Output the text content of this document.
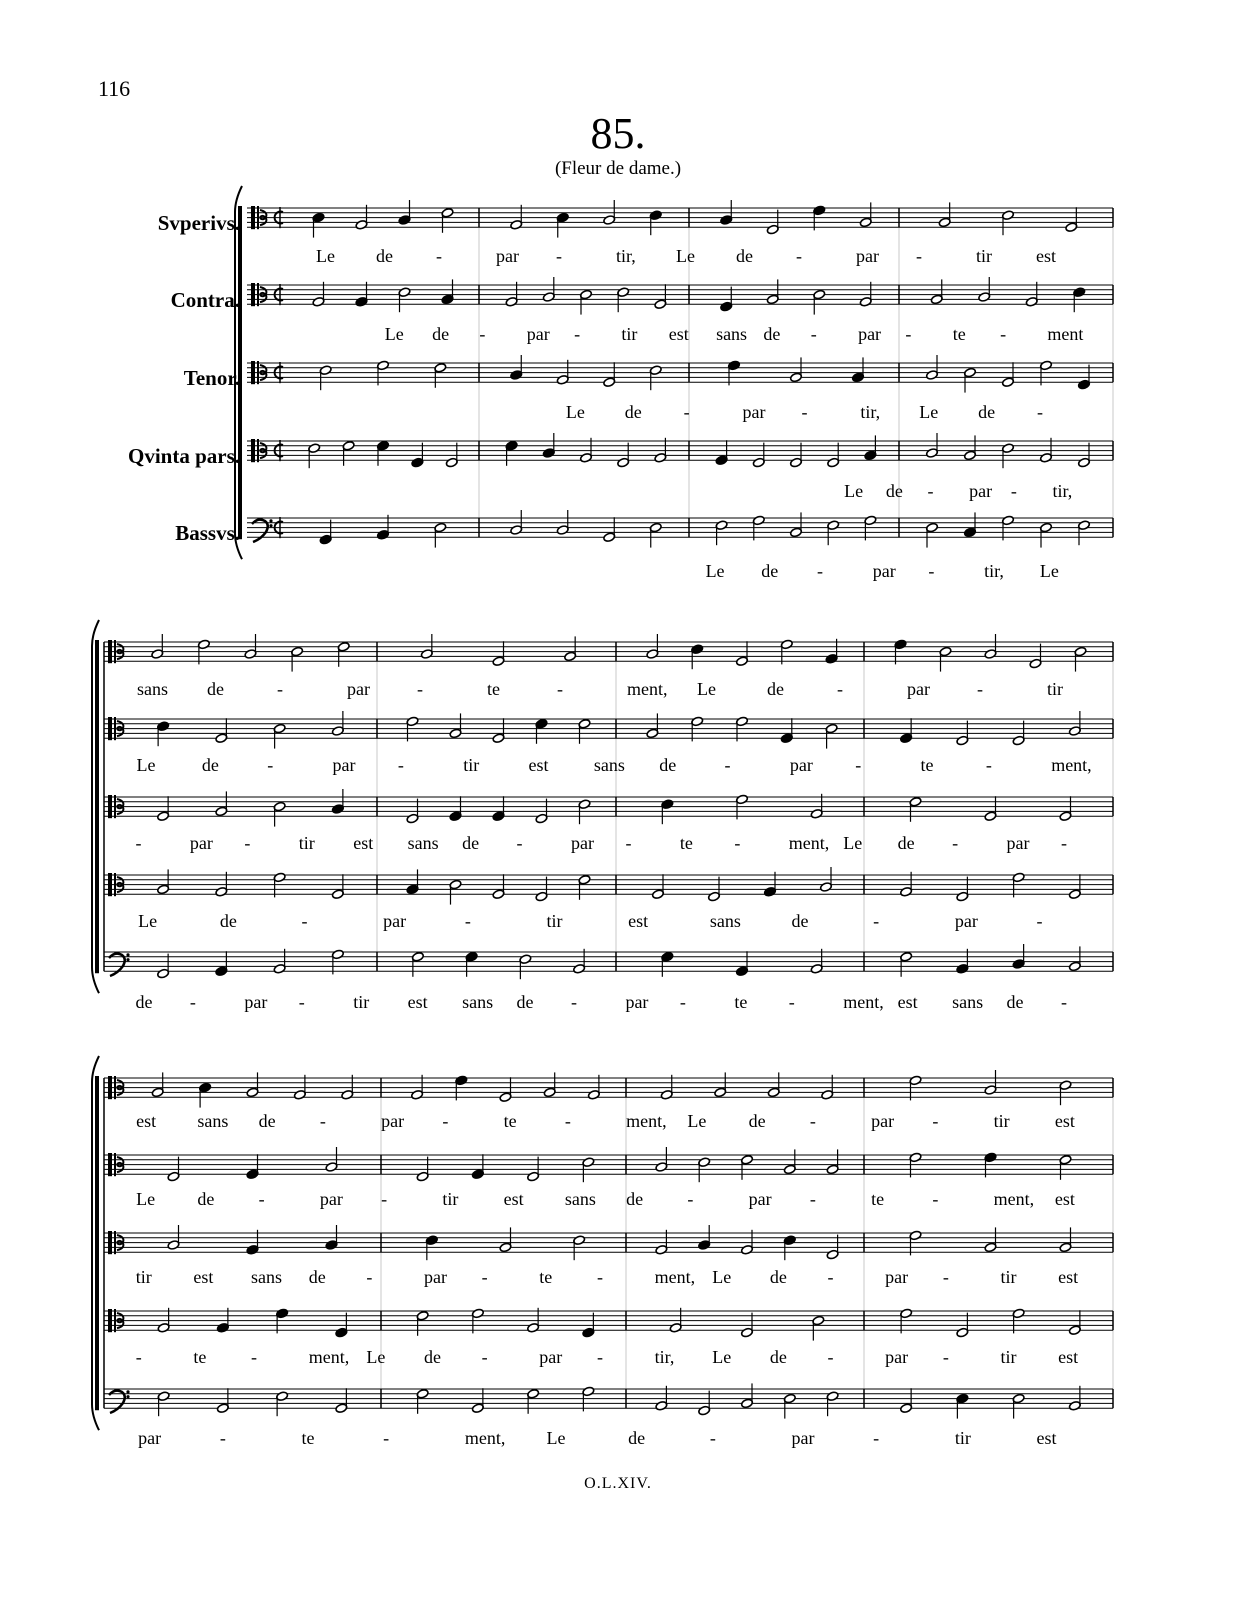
116
85.
(Fleur de dame.)
Svperivs.
Contra.
Tenor.
Qvinta pars.
Bassvs.
Le de -	par -	tir, Le de -	par -	tir est
Le de - par - tir est sans de - par - te - ment
Le de -	par -	tir, Le de -
Le de - par - tir,
Le de -	par -	tir, Le
sans de	-	par	-	te	-	ment, Le	de	-	par	-	tir
Le	de	-	par -	tir	est	sans de	-	par -	te	-	ment,
-	par -	tir est sans de -	par -	te -	ment, Le de -	par -
Le	de	-	par	-	tir	est	sans	de	-	par	-
de -	par -	tir est sans de -	par -	te -	ment, est sans de -
est sans de -	par -	te	-	ment, Le de -	par -	tir	est
Le de -	par -	tir	est sans de -	par -	te	-	ment, est
tir est sans de -	par -	te -	ment, Le de -	par -	tir est
-	te -	ment, Le de -	par -	tir, Le de -	par -	tir est
par	-	te	-	ment, Le	de	-	par	-	tir	est
O.L.XIV.
